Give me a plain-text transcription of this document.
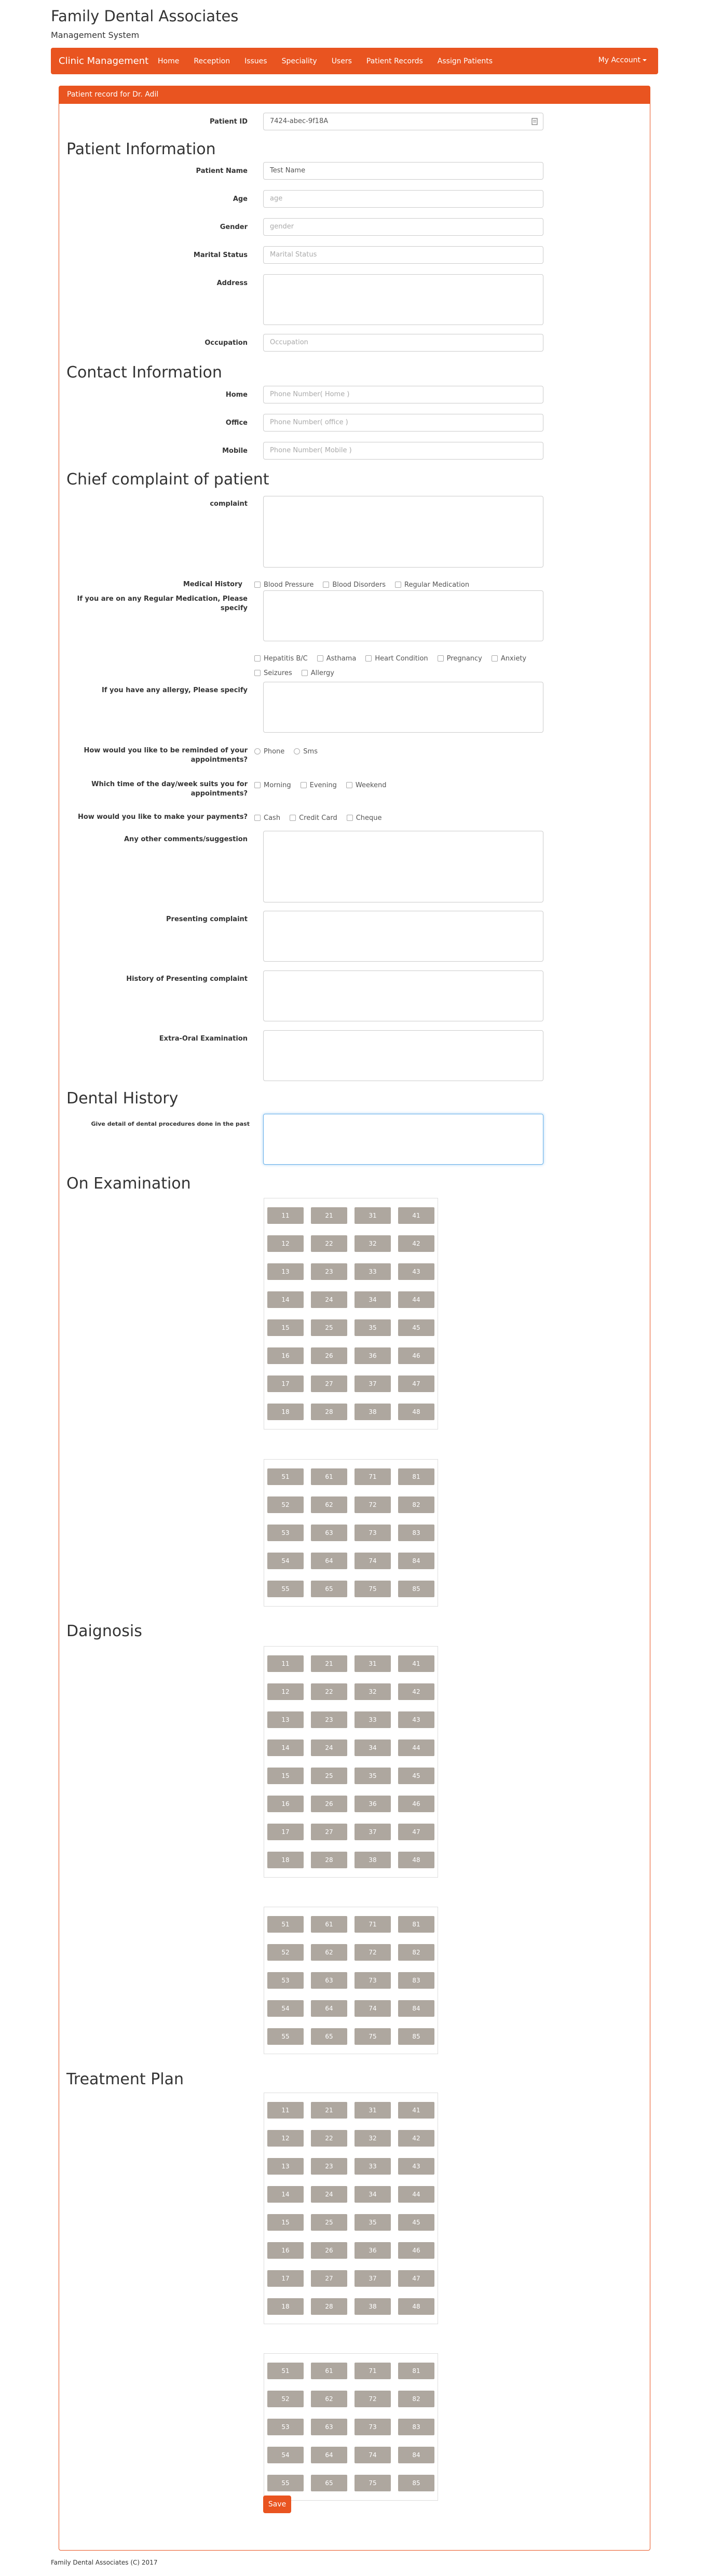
Family Dental Associates
Management System
Clinic Management	Home	Reception	Issues	Speciality	Users	Patient Records	Assign Patients	My Account
Patient record for Dr. Adil
Patient ID	7424-abec-9f18A
Patient Information
Patient Name	Test Name
Age	age
Gender	gender
Marital Status	Marital Status
Address
Occupation	Occupation
Contact Information
Home	Phone Number( Home )
Office	Phone Number( office )
Mobile	Phone Number( Mobile )
Chief complaint of patient
complaint
Medical History	Blood Pressure	Blood Disorders	Regular Medication
If you are on any Regular Medication, Please specify
Hepatitis B/C	Asthama	Heart Condition	Pregnancy	Anxiety
Seizures	Allergy
If you have any allergy, Please specify
How would you like to be reminded of your appointments?
Phone	Sms
Which time of the day/week suits you for appointments?
Morning	Evening	Weekend
How would you like to make your payments? Cash	Credit Card	Cheque
Any other comments/suggestion
Presenting complaint
History of Presenting complaint
Extra-Oral Examination
Dental History
Give detail of dental procedures done in the past
On Examination
11	21	31	41
12	22	32	42
13	23	33	43
14	24	34	44
15	25	35	45
16	26	36	46
17	27	37	47
18	28	38	48
51	61	71	81
52	62	72	82
53	63	73	83
54	64	74	84
55	65	75	85
Daignosis
11	21	31	41
12	22	32	42
13	23	33	43
14	24	34	44
15	25	35	45
16	26	36	46
17	27	37	47
18	28	38	48
51	61	71	81
52	62	72	82
53	63	73	83
54	64	74	84
55	65	75	85
Treatment Plan
11	21	31	41
12	22	32	42
13	23	33	43
14	24	34	44
15	25	35	45
16	26	36	46
17	27	37	47
18	28	38	48
51	61	71	81
52	62	72	82
53	63	73	83
54	64	74	84
55	65	75	85
Save
Family Dental Associates (C) 2017
